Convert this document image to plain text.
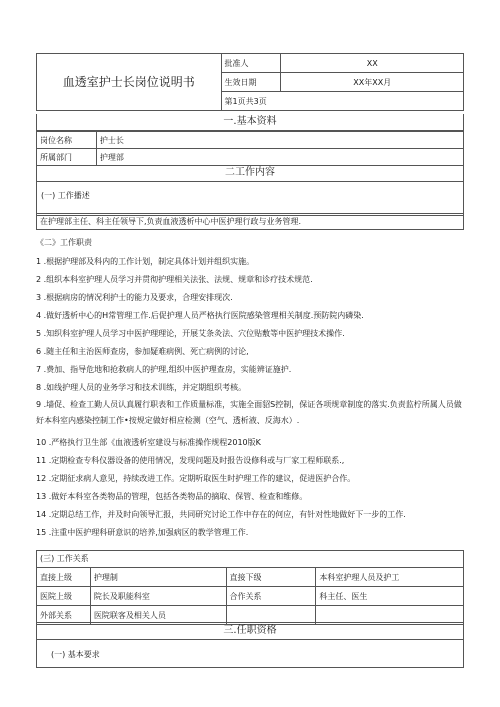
血透室护士长岗位说明书	批准人	XX
	生效日期	XX年XX月
	第1页共3页	
一.基本资料
岗位名称	护士长
所属部门	护理部
二工作内容
(一) 工作播述
在护理部主任、科主任领导下,负责血液透析中心中医护理行政与业务管理.
《二》工作职责
1 .根据护理部及科内的工作计划，制定具体计划并组织实施。
2 .组织本科室护理人员学习并贯彻护理相关法张、法规、规章和诊疗技术规范.
3 .根据病房的情况利护士的能力及要求，合理安排现次.
4 .做好透析中心的H常管理工作.后促护理人员严格执行医院感染管理相关制度.预防院内磷染.
5 .知织科室护理人员学习中医护理理论，开展艾条灸法、穴位贴敷等中医护理技术操作.
6 .随主任和主治医师查房，参加疑难病例、死亡病例的讨论,
7 .费加、指导危地和抢救病人的护理,组织中医护理查房，实能辨证施护.
8 .如线护理人员的业务学习和技术训练，并定期组织考核。
9 .墙促、检查工勤人员认真履行职表和工作质量标准，实施全面貂S控制，保证各项规章制度的落实.负责监柠所属人员做好本科室内感染控制工作•按规定做好相应检测（空气、透析液、反海水）.
10 .严格执行卫生部《血液透析室建设与标准操作规程2010版K
11 .定期检查专科仪器设备的使用情况，发现问题及时报告设修科或与厂家工程师联系.,
12 .定期征求病人意见，持续改进工作。定期听取医生时护理工作的建议，促进医护合作。
13 .做好本科室各类物品的管理，包括各类物品的摘取、保管、检查和维修。
14 .定期总结工作，并及时向领导汇报，共同研究讨论工作中存在的何应，有针对性地做好下一步的工作.
15 .注重中医护理科研意识的培养,加强病区的教学管理工作.
(三) 工作关系
直接上级	护理制	直接下级	本科室护理人员及护工
医院上级	院长及职能科室	合作关系	科主任、医生
外部关系	医院联客及相关人员		
三.任职资格
(一) 基本要求
